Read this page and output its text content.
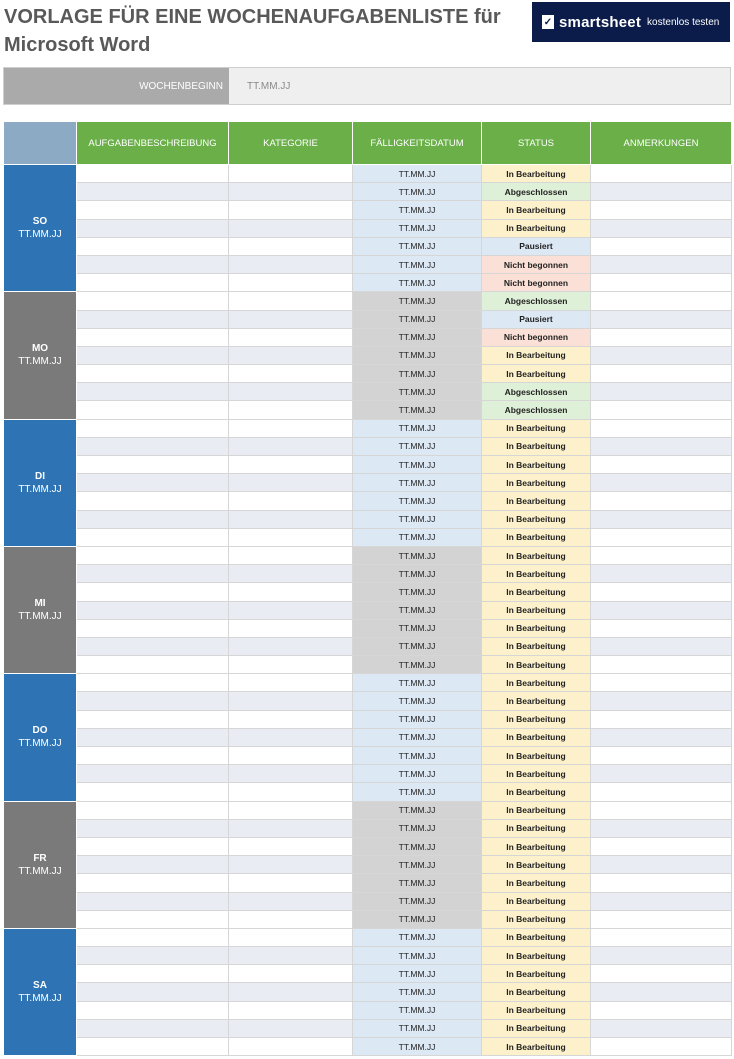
VORLAGE FÜR EINE WOCHENAUFGABENLISTE für Microsoft Word
✓ smartsheet kostenlos testen
WOCHENBEGINN	TT.MM.JJ
	AUFGABENBESCHREIBUNG	KATEGORIE	FÄLLIGKEITSDATUM	STATUS	ANMERKUNGEN

SO
TT.MM.JJ			TT.MM.JJ	In Bearbeitung	
			TT.MM.JJ	Abgeschlossen	
			TT.MM.JJ	In Bearbeitung	
			TT.MM.JJ	In Bearbeitung	
			TT.MM.JJ	Pausiert	
			TT.MM.JJ	Nicht begonnen	
			TT.MM.JJ	Nicht begonnen	

MO
TT.MM.JJ			TT.MM.JJ	Abgeschlossen	
			TT.MM.JJ	Pausiert	
			TT.MM.JJ	Nicht begonnen	
			TT.MM.JJ	In Bearbeitung	
			TT.MM.JJ	In Bearbeitung	
			TT.MM.JJ	Abgeschlossen	
			TT.MM.JJ	Abgeschlossen	

DI
TT.MM.JJ			TT.MM.JJ	In Bearbeitung	
			TT.MM.JJ	In Bearbeitung	
			TT.MM.JJ	In Bearbeitung	
			TT.MM.JJ	In Bearbeitung	
			TT.MM.JJ	In Bearbeitung	
			TT.MM.JJ	In Bearbeitung	
			TT.MM.JJ	In Bearbeitung	

MI
TT.MM.JJ			TT.MM.JJ	In Bearbeitung	
			TT.MM.JJ	In Bearbeitung	
			TT.MM.JJ	In Bearbeitung	
			TT.MM.JJ	In Bearbeitung	
			TT.MM.JJ	In Bearbeitung	
			TT.MM.JJ	In Bearbeitung	
			TT.MM.JJ	In Bearbeitung	

DO
TT.MM.JJ			TT.MM.JJ	In Bearbeitung	
			TT.MM.JJ	In Bearbeitung	
			TT.MM.JJ	In Bearbeitung	
			TT.MM.JJ	In Bearbeitung	
			TT.MM.JJ	In Bearbeitung	
			TT.MM.JJ	In Bearbeitung	
			TT.MM.JJ	In Bearbeitung	

FR
TT.MM.JJ			TT.MM.JJ	In Bearbeitung	
			TT.MM.JJ	In Bearbeitung	
			TT.MM.JJ	In Bearbeitung	
			TT.MM.JJ	In Bearbeitung	
			TT.MM.JJ	In Bearbeitung	
			TT.MM.JJ	In Bearbeitung	
			TT.MM.JJ	In Bearbeitung	

SA
TT.MM.JJ			TT.MM.JJ	In Bearbeitung	
			TT.MM.JJ	In Bearbeitung	
			TT.MM.JJ	In Bearbeitung	
			TT.MM.JJ	In Bearbeitung	
			TT.MM.JJ	In Bearbeitung	
			TT.MM.JJ	In Bearbeitung	
			TT.MM.JJ	In Bearbeitung	
